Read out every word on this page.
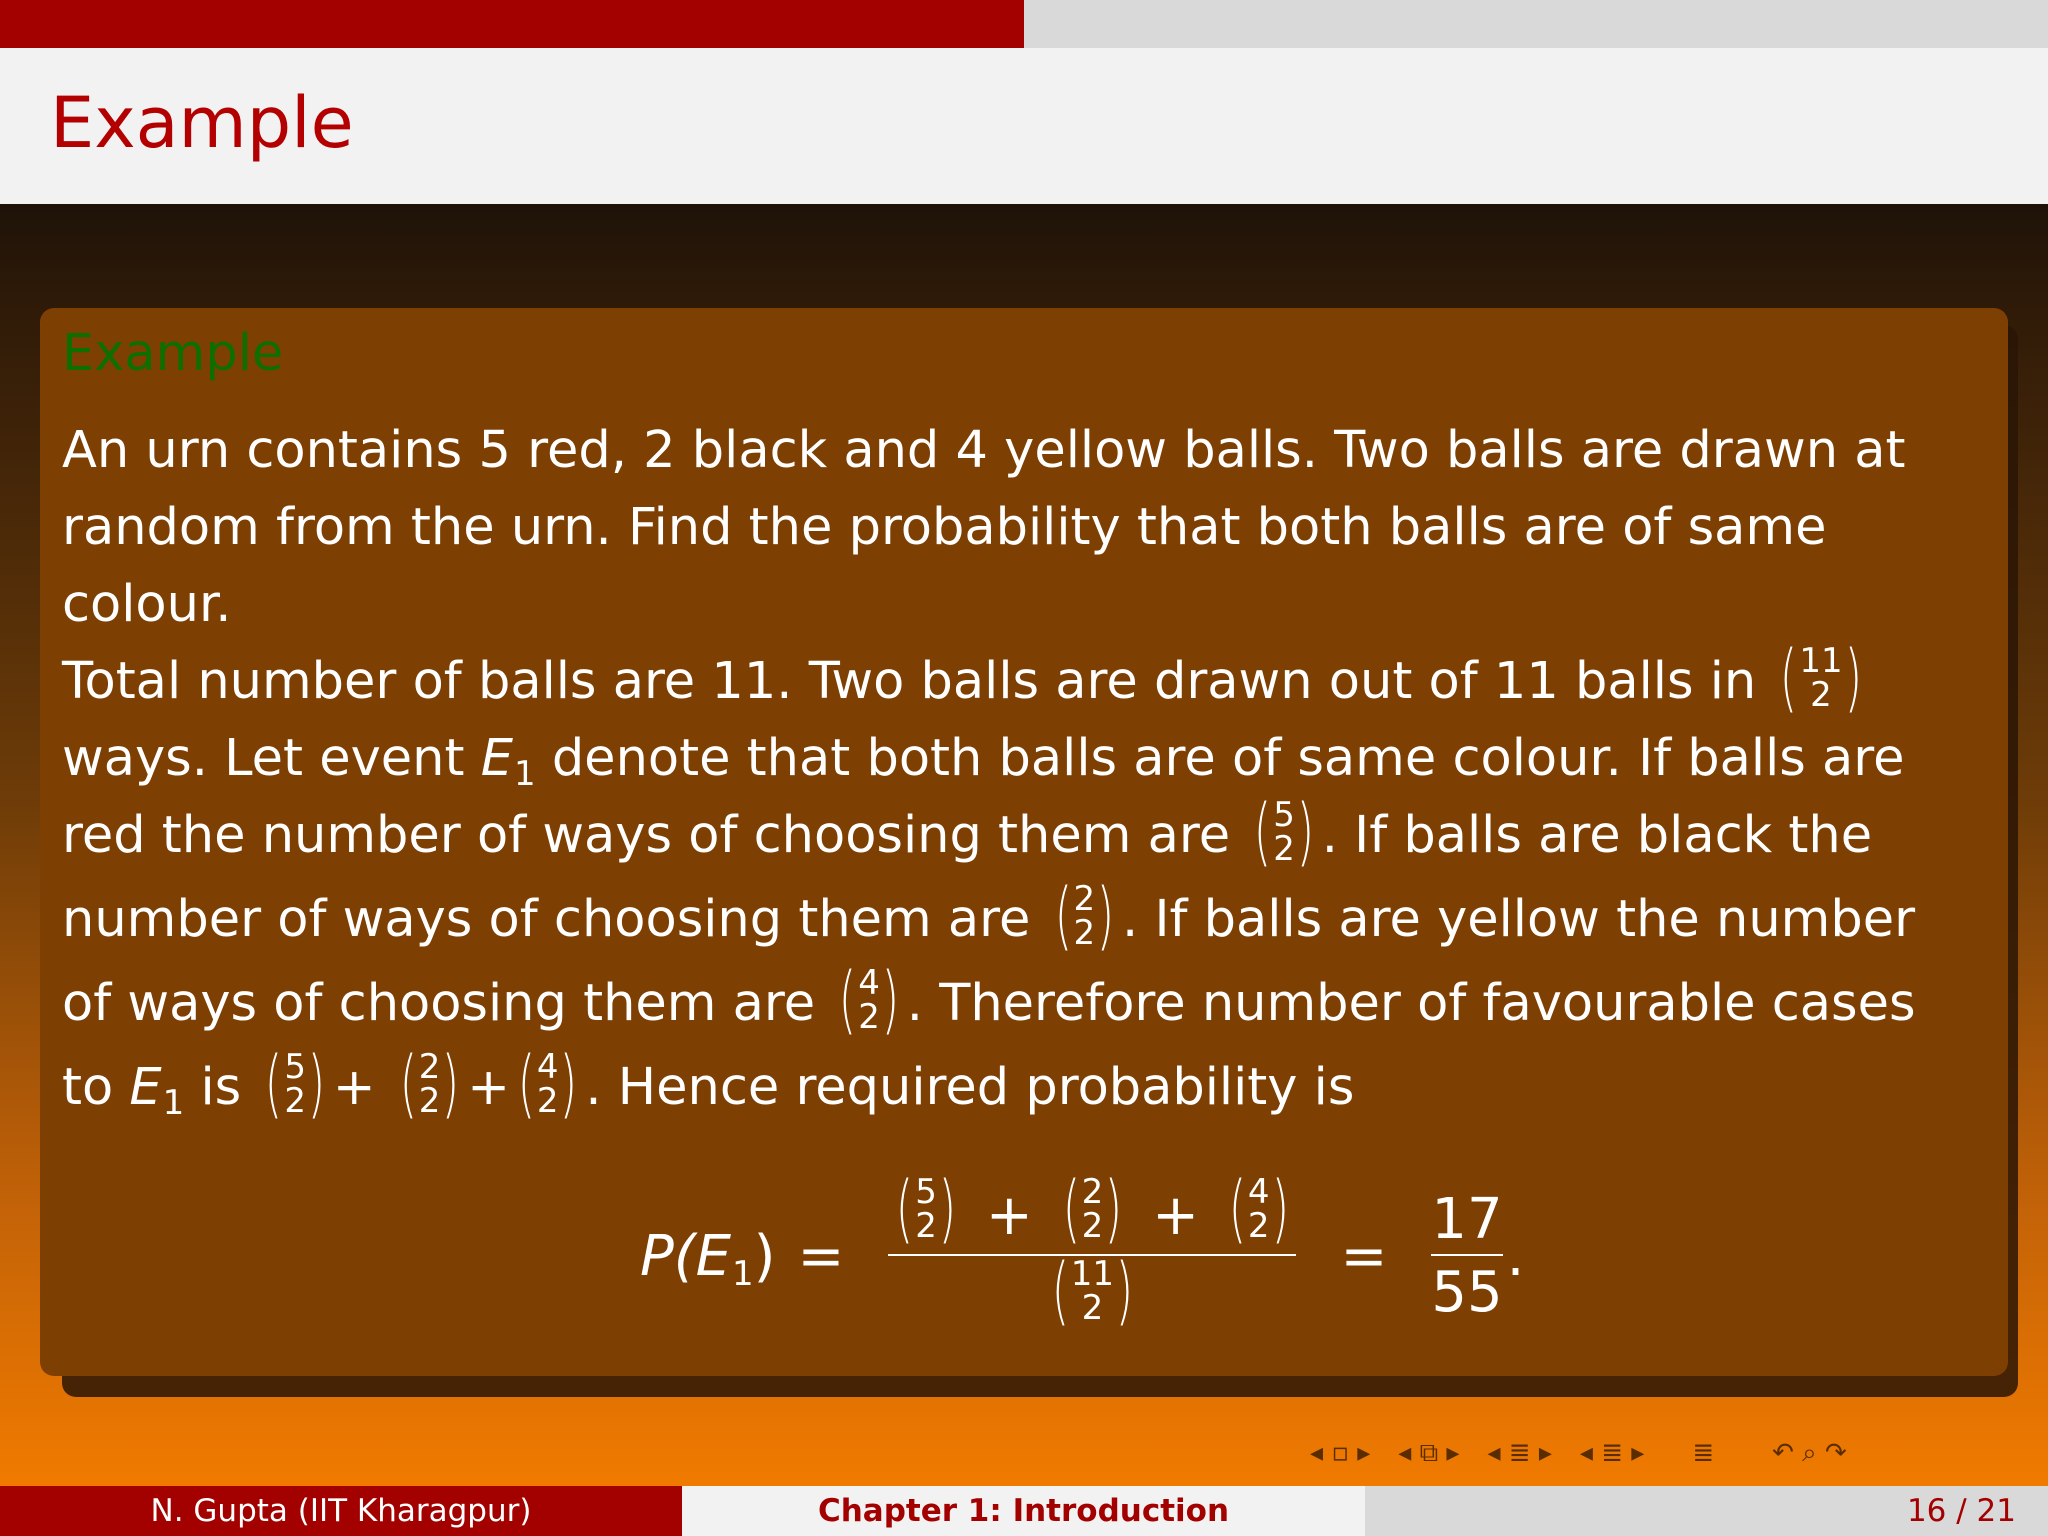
Example
Example
An urn contains 5 red, 2 black and 4 yellow balls. Two balls are drawn at
random from the urn. Find the probability that both balls are of same
colour.
Total number of balls are 11. Two balls are drawn out of 11 balls in ( 11
2 )
ways. Let event E1 denote that both balls are of same colour. If balls are
red the number of ways of choosing them are ( 5
2 ) . If balls are black the
number of ways of choosing them are ( 2
2 ) . If balls are yellow the number
of ways of choosing them are ( 4
2 ) . Therefore number of favourable cases
to E1 is ( 5
2 ) + ( 2
2 ) + ( 4
2 ) . Hence required probability is
P(E1) = ( 5
2 ) + ( 2
2 ) + ( 4
2 )
( 11
2 ) = $\frac{17}{55}$ .
◂ ▫ ▸ ◂ ⧉ ▸ ◂ ≣ ▸ ◂ ≣ ▸ ≣ ↶ ⌕ ↷
N. Gupta (IIT Kharagpur)	Chapter 1: Introduction	16 / 21
